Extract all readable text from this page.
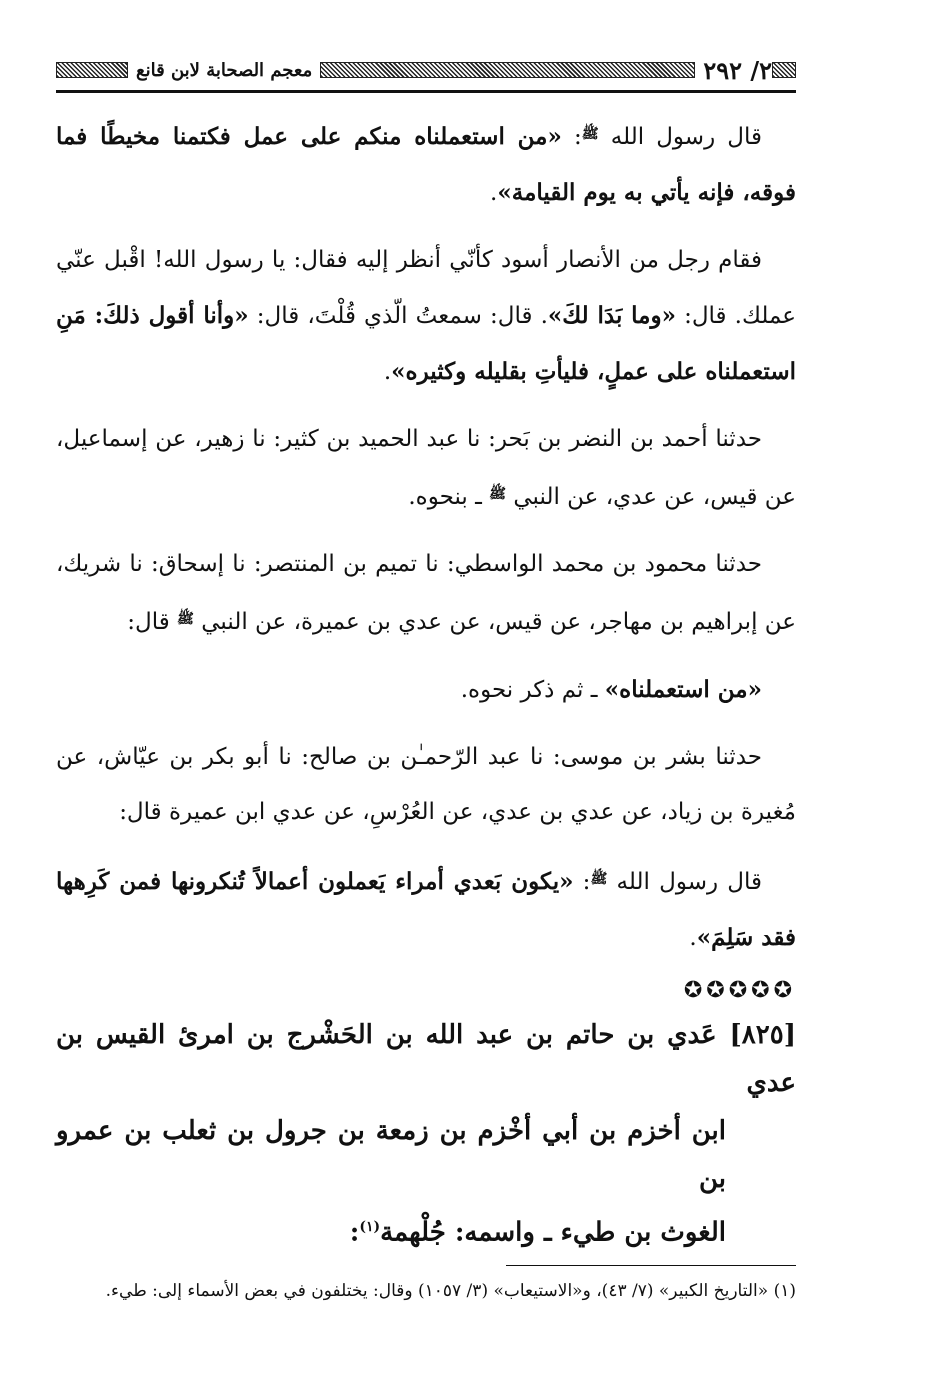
٢/ ٢٩٢
معجم الصحابة لابن قانع

قال رسول الله $^ﷺ$: «من استعملناه منكم على عمل فكتمنا مخيطًا فما فوقه، فإنه يأتي به يوم القيامة».

فقام رجل من الأنصار أسود كأنّي أنظر إليه فقال: يا رسول الله! اقْبل عنّي عملك. قال: «وما بَدَا لكَ». قال: سمعتُ الّذي قُلْتَ، قال: «وأنا أقول ذلكَ: مَنِ استعملناه على عملٍ، فليأتِ بقليله وكثيره».

حدثنا أحمد بن النضر بن بَحر: نا عبد الحميد بن كثير: نا زهير، عن إسماعيل، عن قيس، عن عدي، عن النبي $^ﷺ$ ـ بنحوه.

حدثنا محمود بن محمد الواسطي: نا تميم بن المنتصر: نا إسحاق: نا شريك، عن إبراهيم بن مهاجر، عن قيس، عن عدي بن عميرة، عن النبي $^ﷺ$ قال:

«من استعملناه» ـ ثم ذكر نحوه.

حدثنا بشر بن موسى: نا عبد الرّحمـٰن بن صالح: نا أبو بكر بن عيّاش، عن مُغيرة بن زياد، عن عدي بن عدي، عن العُرْسِ، عن عدي ابن عميرة قال:

قال رسول الله $^ﷺ$: «يكون بَعدي أمراء يَعملون أعمالاً تُنكرونها فمن كَرِهها فقد سَلِمَ».

✪✪✪✪✪

[٨٢٥] عَدي بن حاتم بن عبد الله بن الحَشْرج بن امرئ القيس بن عدي
ابن أخزم بن أبي أخْزم بن زمعة بن جرول بن ثعلب بن عمرو بن
الغوث بن طيء ـ واسمه: جُلْهمة$^{(١)}$:

(١) «التاريخ الكبير» (٧/ ٤٣)، و«الاستيعاب» (٣/ ١٠٥٧) وقال: يختلفون في بعض الأسماء إلى: طيء.
